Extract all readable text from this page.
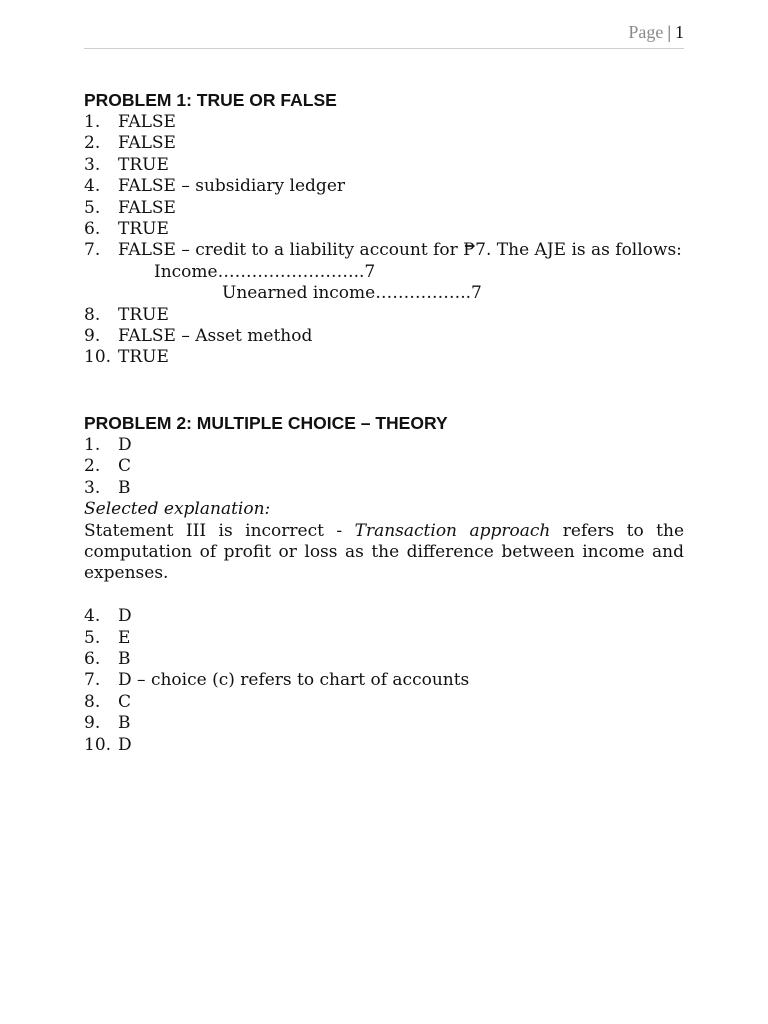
Page | 1
PROBLEM 1: TRUE OR FALSE
1.	FALSE
2.	FALSE
3.	TRUE
4.	FALSE – subsidiary ledger
5.	FALSE
6.	TRUE
7.	FALSE – credit to a liability account for ₱7. The AJE is as follows:
Income……………………..7
Unearned income……………..7
8.	TRUE
9.	FALSE – Asset method
10. TRUE
PROBLEM 2: MULTIPLE CHOICE – THEORY
1.	D
2.	C
3.	B
Selected explanation:

Statement III is incorrect - Transaction approach refers to the computation of profit or loss as the difference between income and expenses.

4.	D
5.	E
6.	B
7.	D – choice (c) refers to chart of accounts
8.	C
9.	B
10. D
